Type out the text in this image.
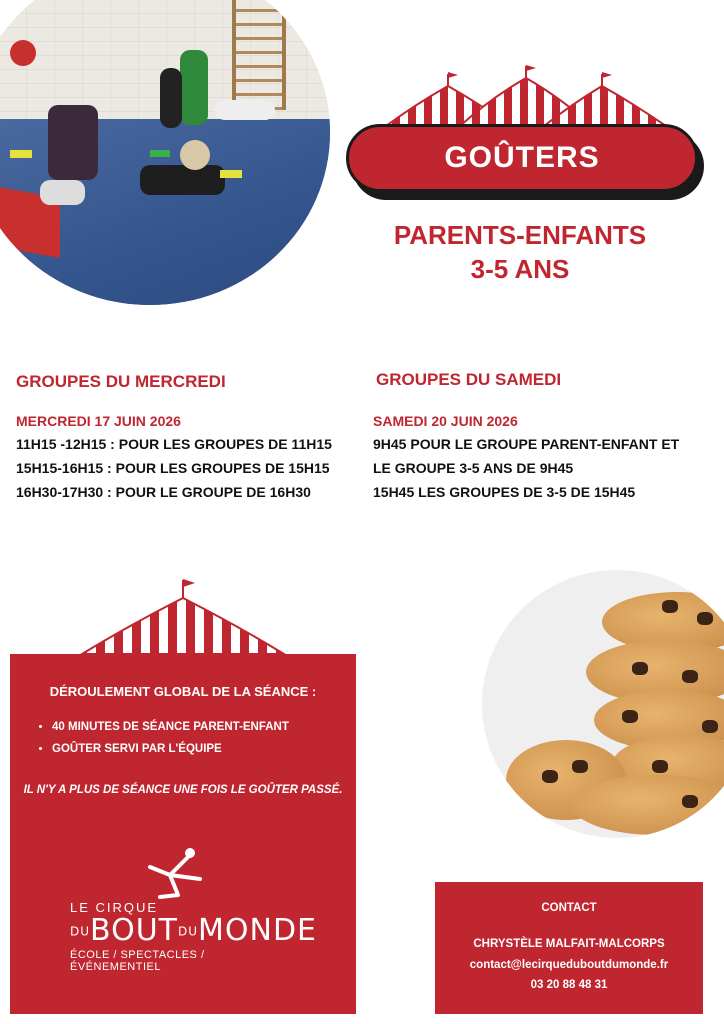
GOÛTERS
PARENTS-ENFANTS
3-5 ANS
GROUPES DU MERCREDI
MERCREDI 17 JUIN 2026
11H15 -12H15 : POUR LES GROUPES DE 11H15
15H15-16H15 : POUR LES GROUPES DE 15H15
16H30-17H30 : POUR LE GROUPE DE 16H30
GROUPES DU SAMEDI
SAMEDI 20 JUIN 2026
9H45 POUR LE GROUPE PARENT-ENFANT ET
LE GROUPE 3-5 ANS DE 9H45
15H45 LES GROUPES DE 3-5 DE 15H45
DÉROULEMENT GLOBAL DE LA SÉANCE :
• 40 MINUTES DE SÉANCE PARENT-ENFANT
• GOÛTER SERVI PAR L'ÉQUIPE
IL N'Y A PLUS DE SÉANCE UNE FOIS LE GOÛTER PASSÉ.
LE CIRQUE
DUBOUTDUMONDE
ÉCOLE / SPECTACLES / ÉVÉNEMENTIEL
CONTACT
CHRYSTÈLE MALFAIT-MALCORPS
contact@lecirqueduboutdumonde.fr
03 20 88 48 31
